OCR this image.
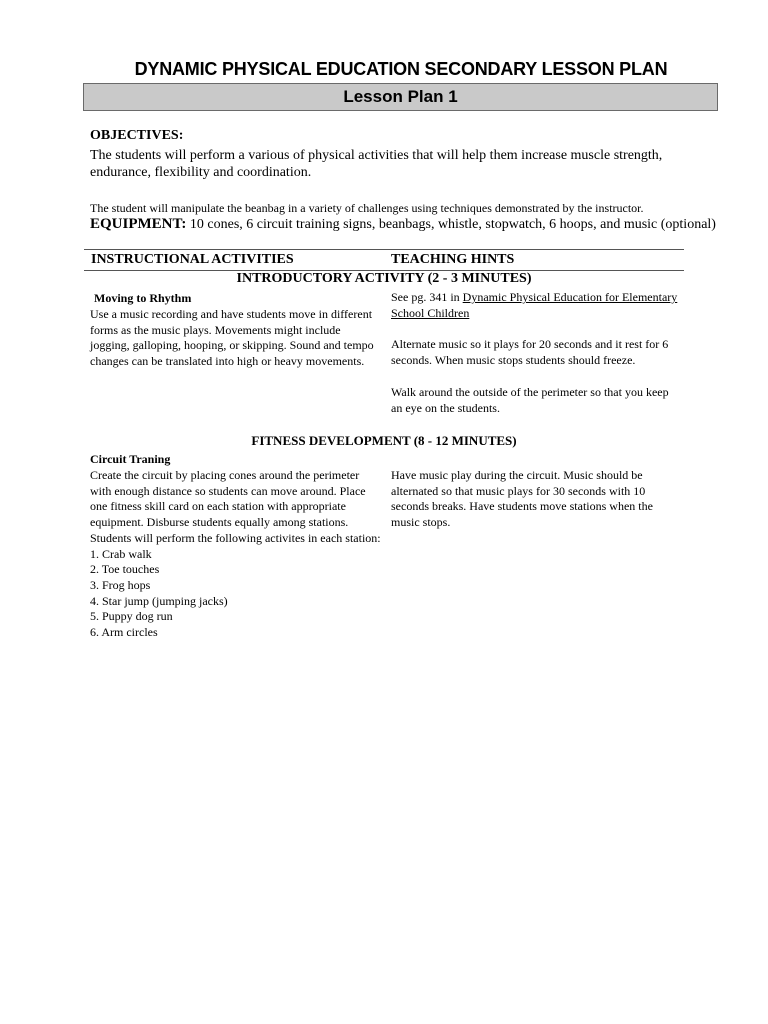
DYNAMIC PHYSICAL EDUCATION SECONDARY LESSON PLAN
Lesson Plan 1
OBJECTIVES:
The students will perform a various of physical activities that will help them increase muscle strength, endurance, flexibility and coordination.
The student will manipulate the beanbag in a variety of challenges using techniques demonstrated by the instructor.
EQUIPMENT: 10 cones, 6 circuit training signs, beanbags, whistle, stopwatch, 6 hoops, and music (optional)
INSTRUCTIONAL ACTIVITIES	TEACHING HINTS
INTRODUCTORY ACTIVITY (2 - 3 MINUTES)
Moving to Rhythm
Use a music recording and have students move in different forms as the music plays. Movements might include jogging, galloping, hooping, or skipping. Sound and tempo changes can be translated into high or heavy movements.
See pg. 341 in Dynamic Physical Education for Elementary School Children
Alternate music so it plays for 20 seconds and it rest for 6 seconds. When music stops students should freeze.
Walk around the outside of the perimeter so that you keep an eye on the students.
FITNESS DEVELOPMENT (8 - 12 MINUTES)
Circuit Traning
Create the circuit by placing cones around the perimeter with enough distance so students can move around. Place one fitness skill card on each station with appropriate equipment. Disburse students equally among stations. Students will perform the following activites in each station:
1. Crab walk
2. Toe touches
3. Frog hops
4. Star jump (jumping jacks)
5. Puppy dog run
6. Arm circles
Have music play during the circuit. Music should be alternated so that music plays for 30 seconds with 10 seconds breaks. Have students move stations when the music stops.
